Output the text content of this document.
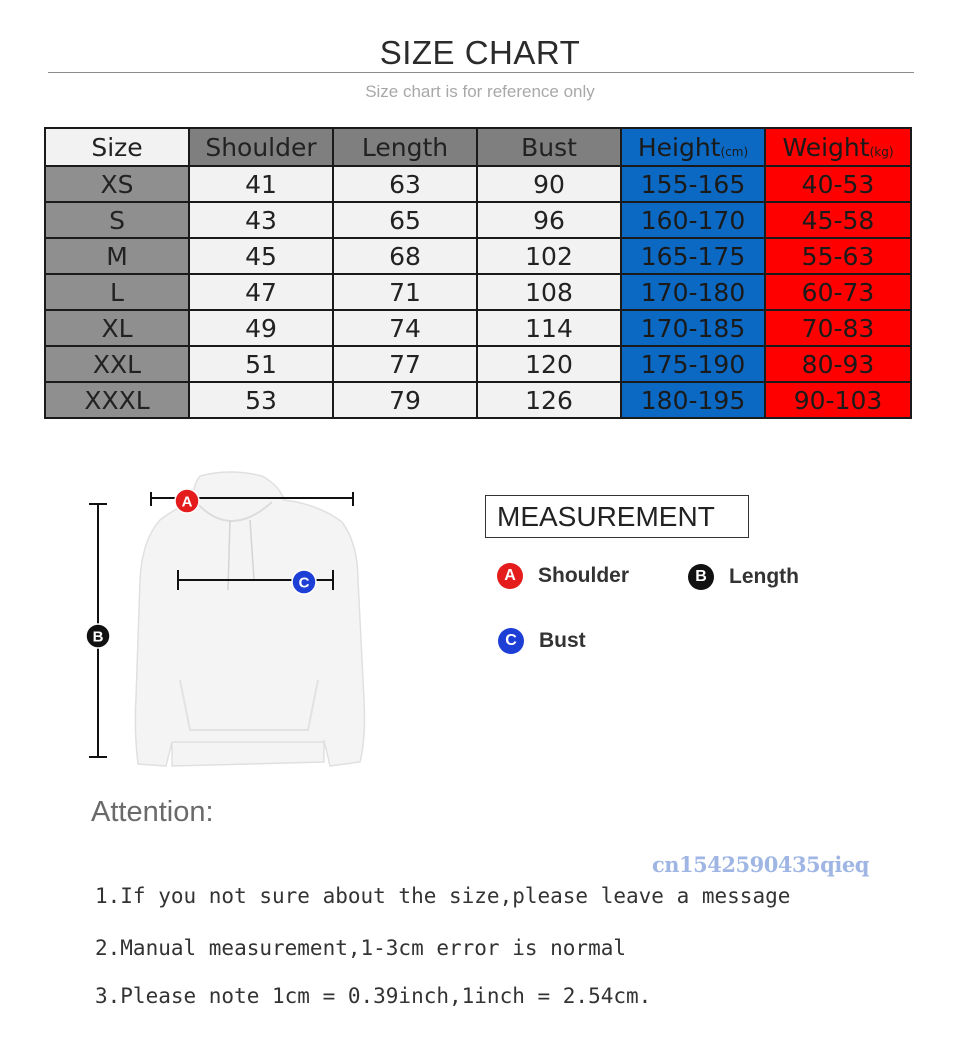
SIZE CHART
Size chart is for reference only
Size	Shoulder	Length	Bust	Height(cm)	Weight(kg)
XS	41	63	90	155-165	40-53
S	43	65	96	160-170	45-58
M	45	68	102	165-175	55-63
L	47	71	108	170-180	60-73
XL	49	74	114	170-185	70-83
XXL	51	77	120	175-190	80-93
XXXL	53	79	126	180-195	90-103
A
C
B
MEASUREMENT
A	Shoulder	B	Length
C	Bust
Attention:
cn1542590435qieq
1.If you not sure about the size,please leave a message
2.Manual measurement,1-3cm error is normal
3.Please note 1cm = 0.39inch,1inch = 2.54cm.
